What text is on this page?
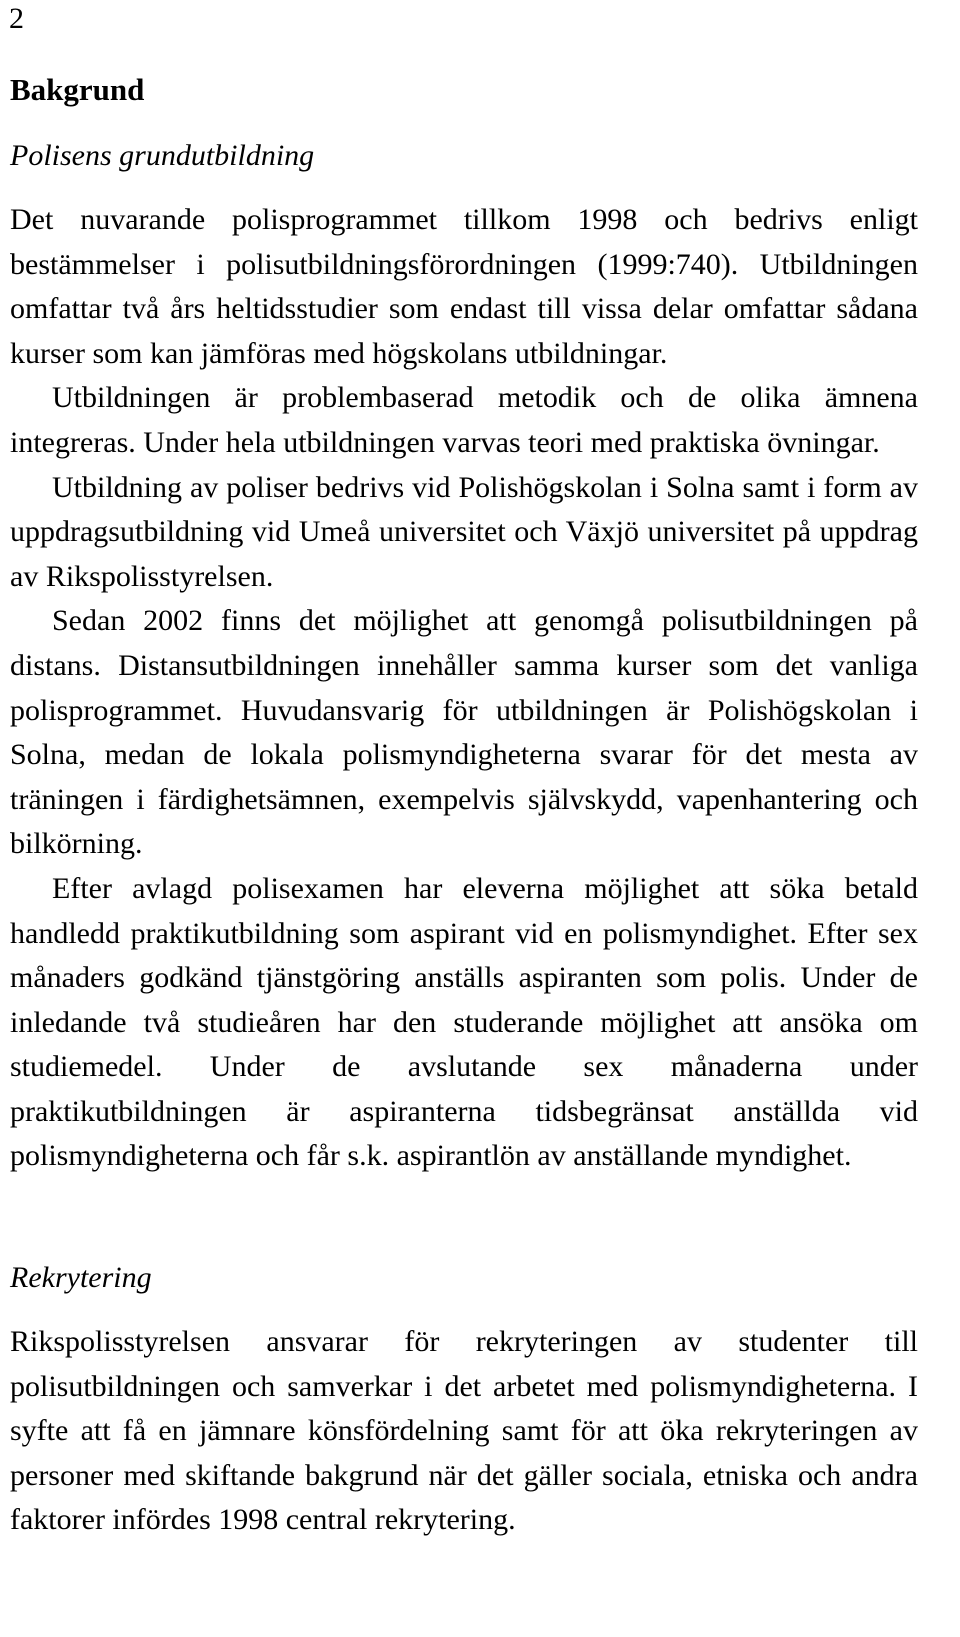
2
Bakgrund
Polisens grundutbildning

Det nuvarande polisprogrammet tillkom 1998 och bedrivs enligt bestämmelser i polisutbildningsförordningen (1999:740). Utbildningen omfattar två års heltidsstudier som endast till vissa delar omfattar sådana kurser som kan jämföras med högskolans utbildningar.

Utbildningen är problembaserad metodik och de olika ämnena integreras. Under hela utbildningen varvas teori med praktiska övningar.

Utbildning av poliser bedrivs vid Polishögskolan i Solna samt i form av uppdragsutbildning vid Umeå universitet och Växjö universitet på uppdrag av Rikspolisstyrelsen.

Sedan 2002 finns det möjlighet att genomgå polisutbildningen på distans. Distansutbildningen innehåller samma kurser som det vanliga polisprogrammet. Huvudansvarig för utbildningen är Polishögskolan i Solna, medan de lokala polismyndigheterna svarar för det mesta av träningen i färdighetsämnen, exempelvis självskydd, vapenhantering och bilkörning.

Efter avlagd polisexamen har eleverna möjlighet att söka betald handledd praktikutbildning som aspirant vid en polismyndighet. Efter sex månaders godkänd tjänstgöring anställs aspiranten som polis. Under de inledande två studieåren har den studerande möjlighet att ansöka om studiemedel. Under de avslutande sex månaderna under praktikutbildningen är aspiranterna tidsbegränsat anställda vid polismyndigheterna och får s.k. aspirantlön av anställande myndighet.

Rekrytering

Rikspolisstyrelsen ansvarar för rekryteringen av studenter till polisutbildningen och samverkar i det arbetet med polismyndigheterna. I syfte att få en jämnare könsfördelning samt för att öka rekryteringen av personer med skiftande bakgrund när det gäller sociala, etniska och andra faktorer infördes 1998 central rekrytering.
